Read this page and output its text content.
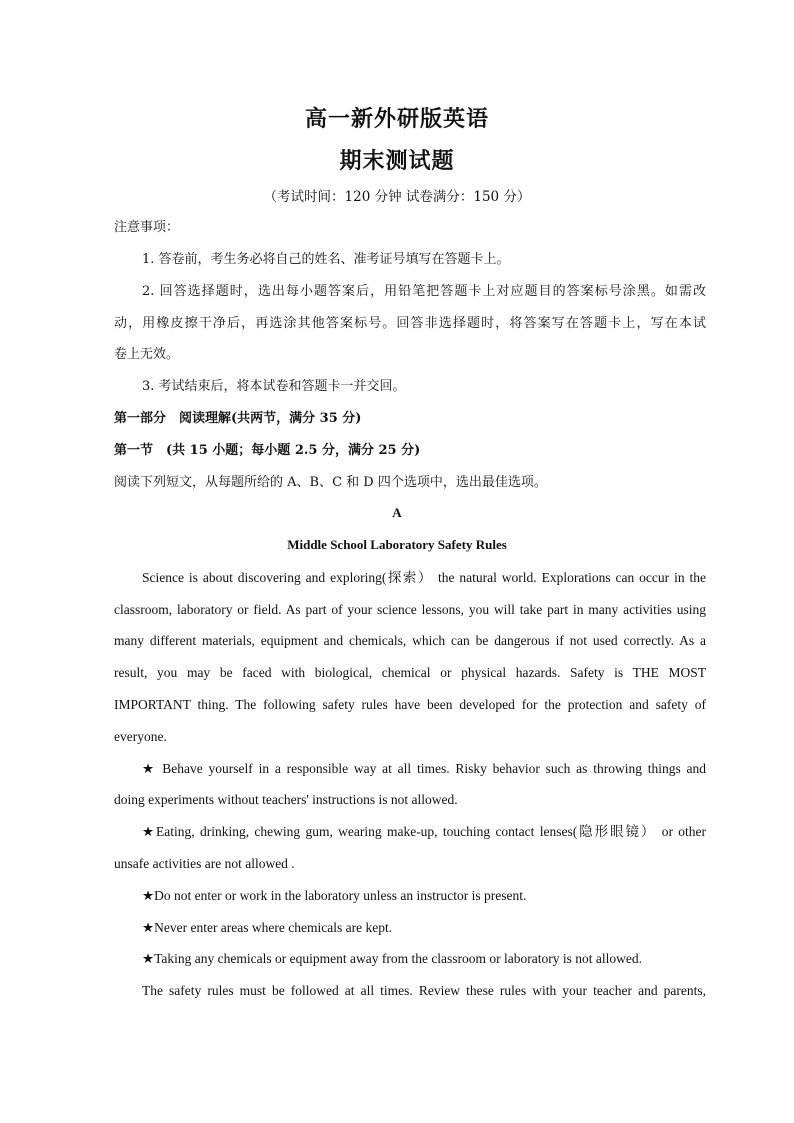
高一新外研版英语
期末测试题
（考试时间：120 分钟 试卷满分：150 分）
注意事项：
1. 答卷前，考生务必将自己的姓名、准考证号填写在答题卡上。
2. 回答选择题时，选出每小题答案后，用铅笔把答题卡上对应题目的答案标号涂黑。如需改
动，用橡皮擦干净后，再选涂其他答案标号。回答非选择题时，将答案写在答题卡上，写在本试
卷上无效。
3. 考试结束后，将本试卷和答题卡一并交回。
第一部分　阅读理解(共两节，满分 35 分)
第一节　(共 15 小题；每小题 2.5 分，满分 25 分)
阅读下列短文，从每题所给的 A、B、C 和 D 四个选项中，选出最佳选项。
A
Middle School Laboratory Safety Rules
Science is about discovering and exploring(探索） the natural world. Explorations can occur in the
classroom, laboratory or field. As part of your science lessons, you will take part in many activities using
many different materials, equipment and chemicals, which can be dangerous if not used correctly. As a
result, you may be faced with biological, chemical or physical hazards. Safety is THE MOST
IMPORTANT thing. The following safety rules have been developed for the protection and safety of
everyone.
★ Behave yourself in a responsible way at all times. Risky behavior such as throwing things and
doing experiments without teachers' instructions is not allowed.
★Eating, drinking, chewing gum, wearing make-up, touching contact lenses(隐形眼镜） or other
unsafe activities are not allowed .
★Do not enter or work in the laboratory unless an instructor is present.
★Never enter areas where chemicals are kept.
★Taking any chemicals or equipment away from the classroom or laboratory is not allowed.
The safety rules must be followed at all times. Review these rules with your teacher and parents,
